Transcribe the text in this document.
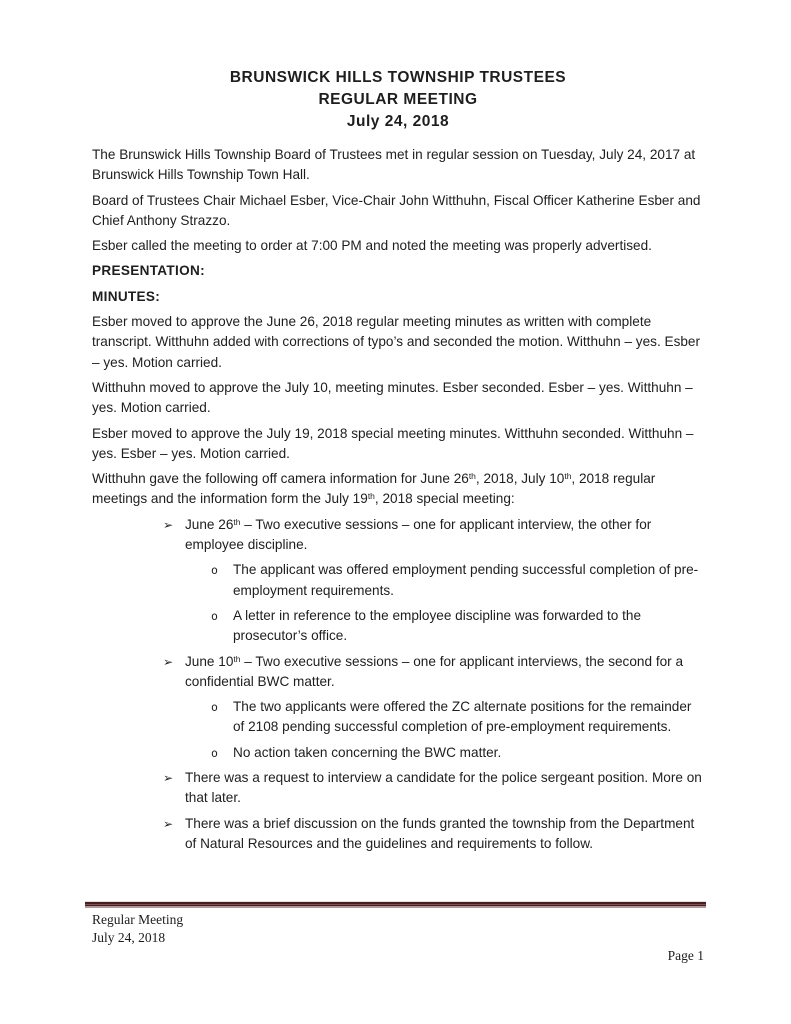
BRUNSWICK HILLS TOWNSHIP TRUSTEES
REGULAR MEETING
July 24, 2018

The Brunswick Hills Township Board of Trustees met in regular session on Tuesday, July 24, 2017 at Brunswick Hills Township Town Hall.

Board of Trustees Chair Michael Esber, Vice-Chair John Witthuhn, Fiscal Officer Katherine Esber and Chief Anthony Strazzo.

Esber called the meeting to order at 7:00 PM and noted the meeting was properly advertised.

PRESENTATION:

MINUTES:

Esber moved to approve the June 26, 2018 regular meeting minutes as written with complete transcript. Witthuhn added with corrections of typo’s and seconded the motion. Witthuhn – yes. Esber – yes. Motion carried.

Witthuhn moved to approve the July 10, meeting minutes. Esber seconded. Esber – yes. Witthuhn – yes. Motion carried.

Esber moved to approve the July 19, 2018 special meeting minutes. Witthuhn seconded. Witthuhn – yes. Esber – yes. Motion carried.

Witthuhn gave the following off camera information for June 26th, 2018, July 10th, 2018 regular meetings and the information form the July 19th, 2018 special meeting:

➢ June 26th – Two executive sessions – one for applicant interview, the other for employee discipline.
o	The applicant was offered employment pending successful completion of pre-employment requirements.
o	A letter in reference to the employee discipline was forwarded to the prosecutor’s office.
➢ June 10th – Two executive sessions – one for applicant interviews, the second for a confidential BWC matter.
o	The two applicants were offered the ZC alternate positions for the remainder of 2108 pending successful completion of pre-employment requirements.
o	No action taken concerning the BWC matter.
➢ There was a request to interview a candidate for the police sergeant position. More on that later.
➢ There was a brief discussion on the funds granted the township from the Department of Natural Resources and the guidelines and requirements to follow.
Regular Meeting
July 24, 2018
Page 1
